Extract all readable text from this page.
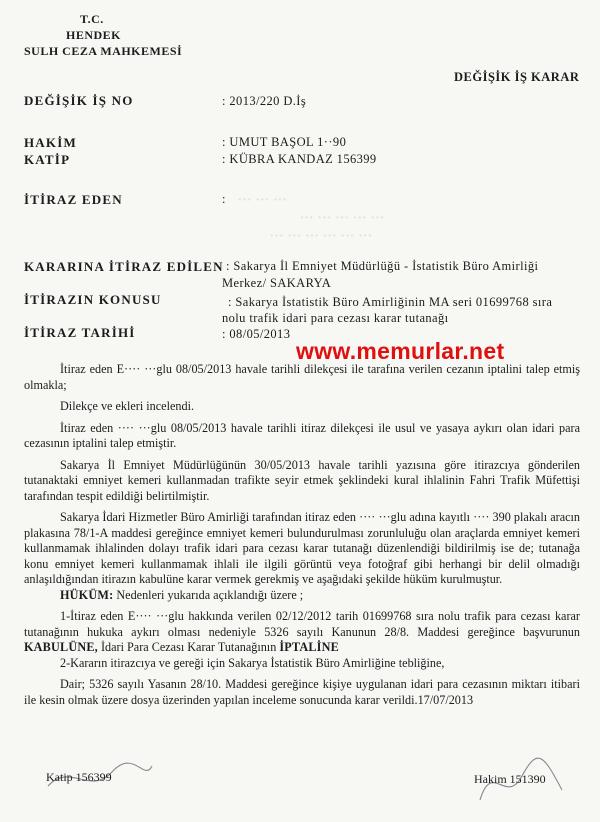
T.C.
HENDEK
SULH CEZA MAHKEMESİ
DEĞİŞİK İŞ KARAR
DEĞİŞİK İŞ NO	: 2013/220 D.İş
HAKİM	: UMUT BAŞOL 1··90
KATİP	: KÜBRA KANDAZ 156399
İTİRAZ EDEN	: ··· ··· ···
··· ··· ··· ··· ···
··· ··· ··· ··· ··· ···
KARARINA İTİRAZ EDİLEN : Sakarya İl Emniyet Müdürlüğü - İstatistik Büro Amirliği
Merkez/ SAKARYA
İTİRAZIN KONUSU	: Sakarya İstatistik Büro Amirliğinin MA seri 01699768 sıra
nolu trafik idari para cezası karar tutanağı
İTİRAZ TARİHİ	: 08/05/2013
www.memurlar.net

İtiraz eden E···· ···glu 08/05/2013 havale tarihli dilekçesi ile tarafına verilen cezanın iptalini talep etmiş olmakla;

Dilekçe ve ekleri incelendi.

İtiraz eden ···· ···glu 08/05/2013 havale tarihli itiraz dilekçesi ile usul ve yasaya aykırı olan idari para cezasının iptalini talep etmiştir.

Sakarya İl Emniyet Müdürlüğünün 30/05/2013 havale tarihli yazısına göre itirazcıya gönderilen tutanaktaki emniyet kemeri kullanmadan trafikte seyir etmek şeklindeki kural ihlalinin Fahri Trafik Müfettişi tarafından tespit edildiği belirtilmiştir.

Sakarya İdari Hizmetler Büro Amirliği tarafından itiraz eden ···· ···glu adına kayıtlı ···· 390 plakalı aracın plakasına 78/1-A maddesi gereğince emniyet kemeri bulundurulması zorunluluğu olan araçlarda emniyet kemeri kullanmamak ihlalinden dolayı trafik idari para cezası karar tutanağı düzenlendiği bildirilmiş ise de; tutanağa konu emniyet kemeri kullanmamak ihlali ile ilgili görüntü veya fotoğraf gibi herhangi bir delil olmadığı anlaşıldığından itirazın kabulüne karar vermek gerekmiş ve aşağıdaki şekilde hüküm kurulmuştur.

HÜKÜM: Nedenleri yukarıda açıklandığı üzere ;

1-İtiraz eden E···· ···glu hakkında verilen 02/12/2012 tarih 01699768 sıra nolu trafik para cezası karar tutanağının hukuka aykırı olması nedeniyle 5326 sayılı Kanunun 28/8. Maddesi gereğince başvurunun KABULÜNE, İdari Para Cezası Karar Tutanağının İPTALİNE

2-Kararın itirazcıya ve gereği için Sakarya İstatistik Büro Amirliğine tebliğine,

Dair; 5326 sayılı Yasanın 28/10. Maddesi gereğince kişiye uygulanan idari para cezasının miktarı itibari ile kesin olmak üzere dosya üzerinden yapılan inceleme sonucunda karar verildi.17/07/2013

Katip 156399	Hakim 151390
